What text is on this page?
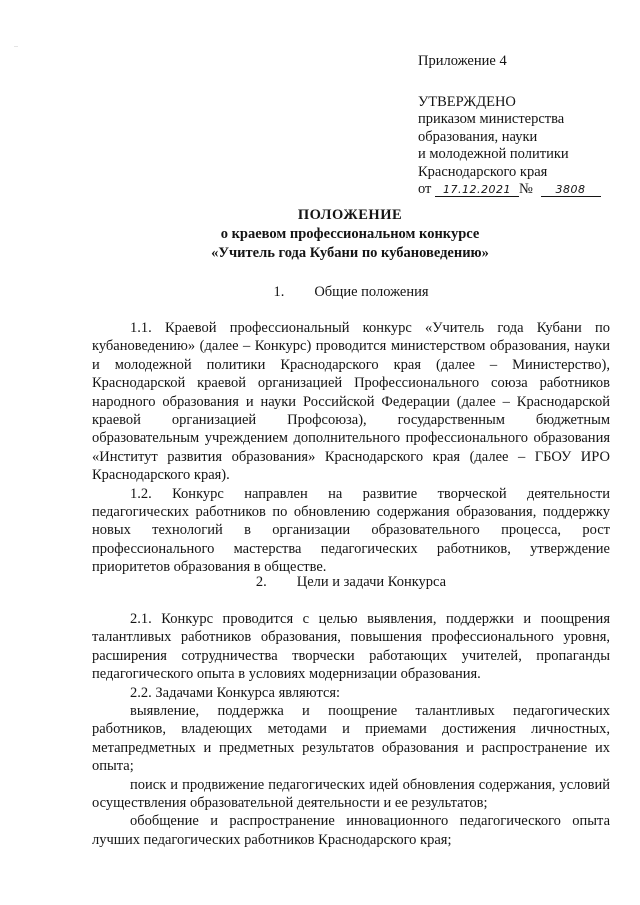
..
Приложение 4
УТВЕРЖДЕНО
приказом министерства
образования, науки
и молодежной политики
Краснодарского края
от 17.12.2021 № 3808
ПОЛОЖЕНИЕ
о краевом профессиональном конкурсе
«Учитель года Кубани по кубановедению»
1. Общие положения

1.1. Краевой профессиональный конкурс «Учитель года Кубани по кубановедению» (далее – Конкурс) проводится министерством образования, науки и молодежной политики Краснодарского края (далее – Министерство), Краснодарской краевой организацией Профессионального союза работников народного образования и науки Российской Федерации (далее – Краснодарской краевой организацией Профсоюза), государственным бюджетным образовательным учреждением дополнительного профессионального образования «Институт развития образования» Краснодарского края (далее – ГБОУ ИРО Краснодарского края).

1.2. Конкурс направлен на развитие творческой деятельности педагогических работников по обновлению содержания образования, поддержку новых технологий в организации образовательного процесса, рост профессионального мастерства педагогических работников, утверждение приоритетов образования в обществе.

2. Цели и задачи Конкурса

2.1. Конкурс проводится с целью выявления, поддержки и поощрения талантливых работников образования, повышения профессионального уровня, расширения сотрудничества творчески работающих учителей, пропаганды педагогического опыта в условиях модернизации образования.

2.2. Задачами Конкурса являются:

выявление, поддержка и поощрение талантливых педагогических работников, владеющих методами и приемами достижения личностных, метапредметных и предметных результатов образования и распространение их опыта;

поиск и продвижение педагогических идей обновления содержания, условий осуществления образовательной деятельности и ее результатов;

обобщение и распространение инновационного педагогического опыта лучших педагогических работников Краснодарского края;
